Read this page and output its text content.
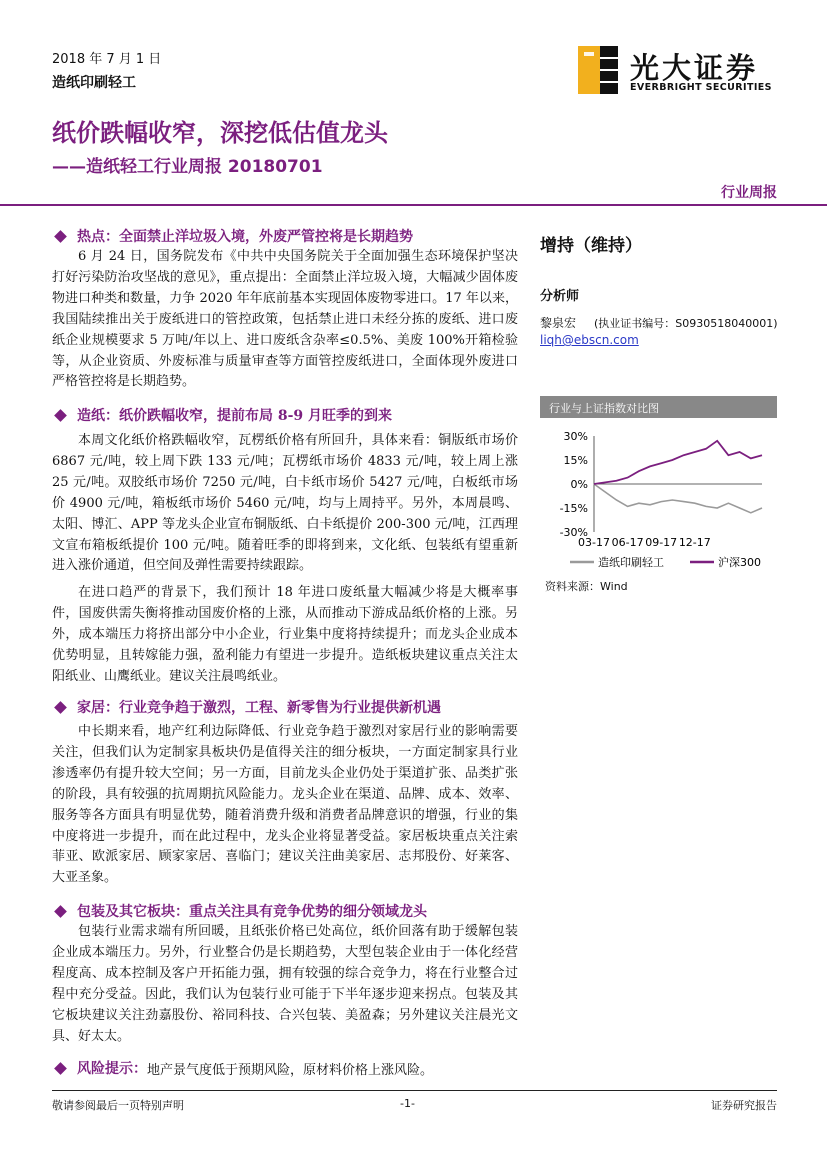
2018 年 7 月 1 日
造纸印刷轻工	光大证券
EVERBRIGHT SECURITIES
纸价跌幅收窄，深挖低估值龙头
——造纸轻工行业周报 20180701
行业周报
热点：全面禁止洋垃圾入境，外废严管控将是长期趋势

6 月 24 日，国务院发布《中共中央国务院关于全面加强生态环境保护坚决打好污染防治攻坚战的意见》，重点提出：全面禁止洋垃圾入境，大幅减少固体废物进口种类和数量，力争 2020 年年底前基本实现固体废物零进口。17 年以来，我国陆续推出关于废纸进口的管控政策，包括禁止进口未经分拣的废纸、进口废纸企业规模要求 5 万吨/年以上、进口废纸含杂率≤0.5%、美废 100%开箱检验等，从企业资质、外废标准与质量审查等方面管控废纸进口，全面体现外废进口严格管控将是长期趋势。

造纸：纸价跌幅收窄，提前布局 8-9 月旺季的到来

本周文化纸价格跌幅收窄，瓦楞纸价格有所回升，具体来看：铜版纸市场价 6867 元/吨，较上周下跌 133 元/吨；瓦楞纸市场价 4833 元/吨，较上周上涨 25 元/吨。双胶纸市场价 7250 元/吨，白卡纸市场价 5427 元/吨，白板纸市场价 4900 元/吨，箱板纸市场价 5460 元/吨，均与上周持平。另外，本周晨鸣、太阳、博汇、APP 等龙头企业宣布铜版纸、白卡纸提价 200-300 元/吨，江西理文宣布箱板纸提价 100 元/吨。随着旺季的即将到来，文化纸、包装纸有望重新进入涨价通道，但空间及弹性需要持续跟踪。

在进口趋严的背景下，我们预计 18 年进口废纸量大幅减少将是大概率事件，国废供需失衡将推动国废价格的上涨，从而推动下游成品纸价格的上涨。另外，成本端压力将挤出部分中小企业，行业集中度将持续提升；而龙头企业成本优势明显，且转嫁能力强，盈利能力有望进一步提升。造纸板块建议重点关注太阳纸业、山鹰纸业。建议关注晨鸣纸业。

家居：行业竞争趋于激烈，工程、新零售为行业提供新机遇

中长期来看，地产红利边际降低、行业竞争趋于激烈对家居行业的影响需要关注，但我们认为定制家具板块仍是值得关注的细分板块，一方面定制家具行业渗透率仍有提升较大空间；另一方面，目前龙头企业仍处于渠道扩张、品类扩张的阶段，具有较强的抗周期抗风险能力。龙头企业在渠道、品牌、成本、效率、服务等各方面具有明显优势，随着消费升级和消费者品牌意识的增强，行业的集中度将进一步提升，而在此过程中，龙头企业将显著受益。家居板块重点关注索菲亚、欧派家居、顾家家居、喜临门；建议关注曲美家居、志邦股份、好莱客、大亚圣象。

包装及其它板块：重点关注具有竞争优势的细分领域龙头

包装行业需求端有所回暖，且纸张价格已处高位，纸价回落有助于缓解包装企业成本端压力。另外，行业整合仍是长期趋势，大型包装企业由于一体化经营程度高、成本控制及客户开拓能力强，拥有较强的综合竞争力，将在行业整合过程中充分受益。因此，我们认为包装行业可能于下半年逐步迎来拐点。包装及其它板块建议关注劲嘉股份、裕同科技、合兴包装、美盈森；另外建议关注晨光文具、好太太。

风险提示： 地产景气度低于预期风险，原材料价格上涨风险。
增持（维持）
分析师
黎泉宏 (执业证书编号：S0930518040001)
liqh@ebscn.com
行业与上证指数对比图
30%
15%
0%
-15%
-30%
03-17 06-17 09-17 12-17
造纸印刷轻工	沪深300
资料来源：Wind
敬请参阅最后一页特别声明	-1-	证券研究报告
